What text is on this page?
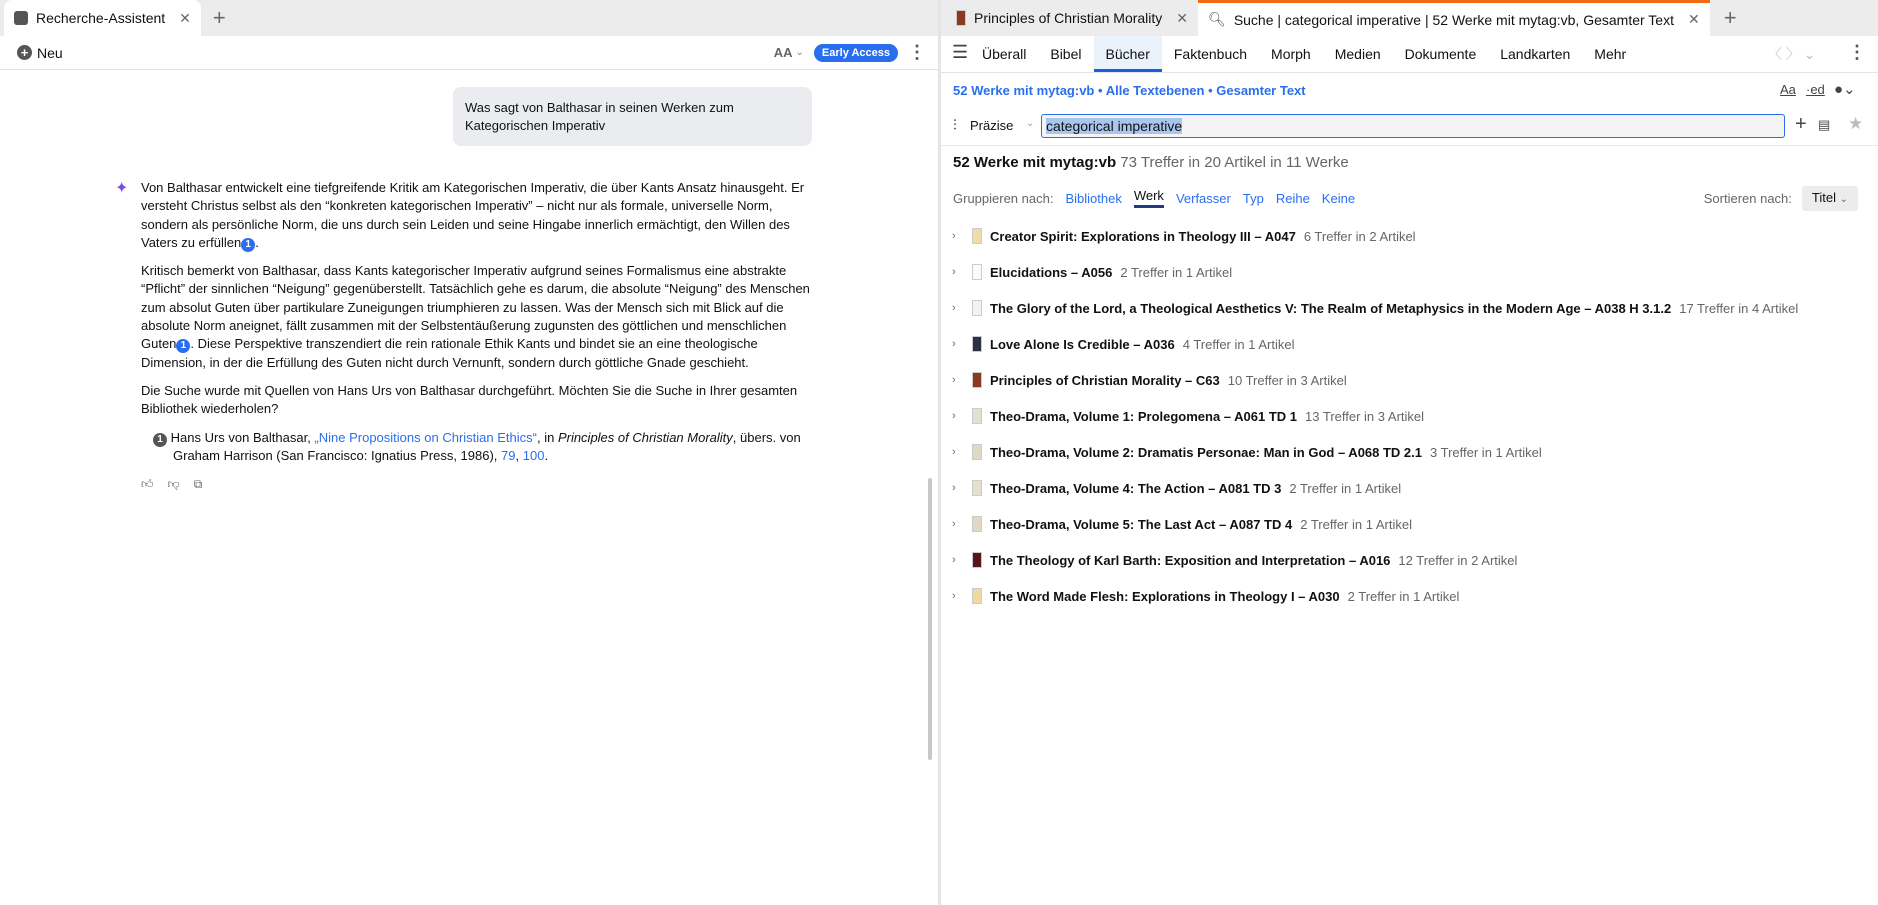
Recherche-Assistent ✕ +
+ Neu	AA ⌄	Early Access	⋮
Was sagt von Balthasar in seinen Werken zum Kategorischen Imperativ
✦ Von Balthasar entwickelt eine tiefgreifende Kritik am Kategorischen Imperativ, die über Kants Ansatz hinausgeht. Er versteht Christus selbst als den “konkreten kategorischen Imperativ” – nicht nur als formale, universelle Norm, sondern als persönliche Norm, die uns durch sein Leiden und seine Hingabe innerlich ermächtigt, den Willen des Vaters zu erfüllen 1 .

Kritisch bemerkt von Balthasar, dass Kants kategorischer Imperativ aufgrund seines Formalismus eine abstrakte “Pflicht” der sinnlichen “Neigung” gegenüberstellt. Tatsächlich gehe es darum, die absolute “Neigung” des Menschen zum absolut Guten über partikulare Zuneigungen triumphieren zu lassen. Was der Mensch sich mit Blick auf die absolute Norm aneignet, fällt zusammen mit der Selbstentäußerung zugunsten des göttlichen und menschlichen Guten 1 . Diese Perspektive transzendiert die rein rationale Ethik Kants und bindet sie an eine theologische Dimension, in der die Erfüllung des Guten nicht durch Vernunft, sondern durch göttliche Gnade geschieht.

Die Suche wurde mit Quellen von Hans Urs von Balthasar durchgeführt. Möchten Sie die Suche in Ihrer gesamten Bibliothek wiederholen?

1 Hans Urs von Balthasar, „Nine Propositions on Christian Ethics“, in Principles of Christian Morality, übers. von Graham Harrison (San Francisco: Ignatius Press, 1986), 79, 100.

👍︎ 👎︎ ⧉
Principles of Christian Morality ✕ 🔍︎ Suche | categorical imperative | 52 Werke mit mytag:vb, Gesamter Text ✕ +
☰ Überall	Bibel	Bücher	Faktenbuch	Morph	Medien	Dokumente	Landkarten	Mehr	〈 〉 ⌄ ⋮
52 Werke mit mytag:vb • Alle Textebenen • Gesamter Text	Aa ·ed ●⌄
⫶ Präzise ⌄ categorical imperative	+ ▤ ★
52 Werke mit mytag:vb 73 Treffer in 20 Artikel in 11 Werke
Gruppieren nach: Bibliothek Werk Verfasser Typ Reihe Keine	Sortieren nach:	Titel ⌄
›	Creator Spirit: Explorations in Theology III – A047 6 Treffer in 2 Artikel
›	Elucidations – A056 2 Treffer in 1 Artikel
›	The Glory of the Lord, a Theological Aesthetics V: The Realm of Metaphysics in the Modern Age – A038 H 3.1.2 17 Treffer in 4 Artikel
›	Love Alone Is Credible – A036 4 Treffer in 1 Artikel
›	Principles of Christian Morality – C63 10 Treffer in 3 Artikel
›	Theo-Drama, Volume 1: Prolegomena – A061 TD 1 13 Treffer in 3 Artikel
›	Theo-Drama, Volume 2: Dramatis Personae: Man in God – A068 TD 2.1 3 Treffer in 1 Artikel
›	Theo-Drama, Volume 4: The Action – A081 TD 3 2 Treffer in 1 Artikel
›	Theo-Drama, Volume 5: The Last Act – A087 TD 4 2 Treffer in 1 Artikel
›	The Theology of Karl Barth: Exposition and Interpretation – A016 12 Treffer in 2 Artikel
›	The Word Made Flesh: Explorations in Theology I – A030 2 Treffer in 1 Artikel
